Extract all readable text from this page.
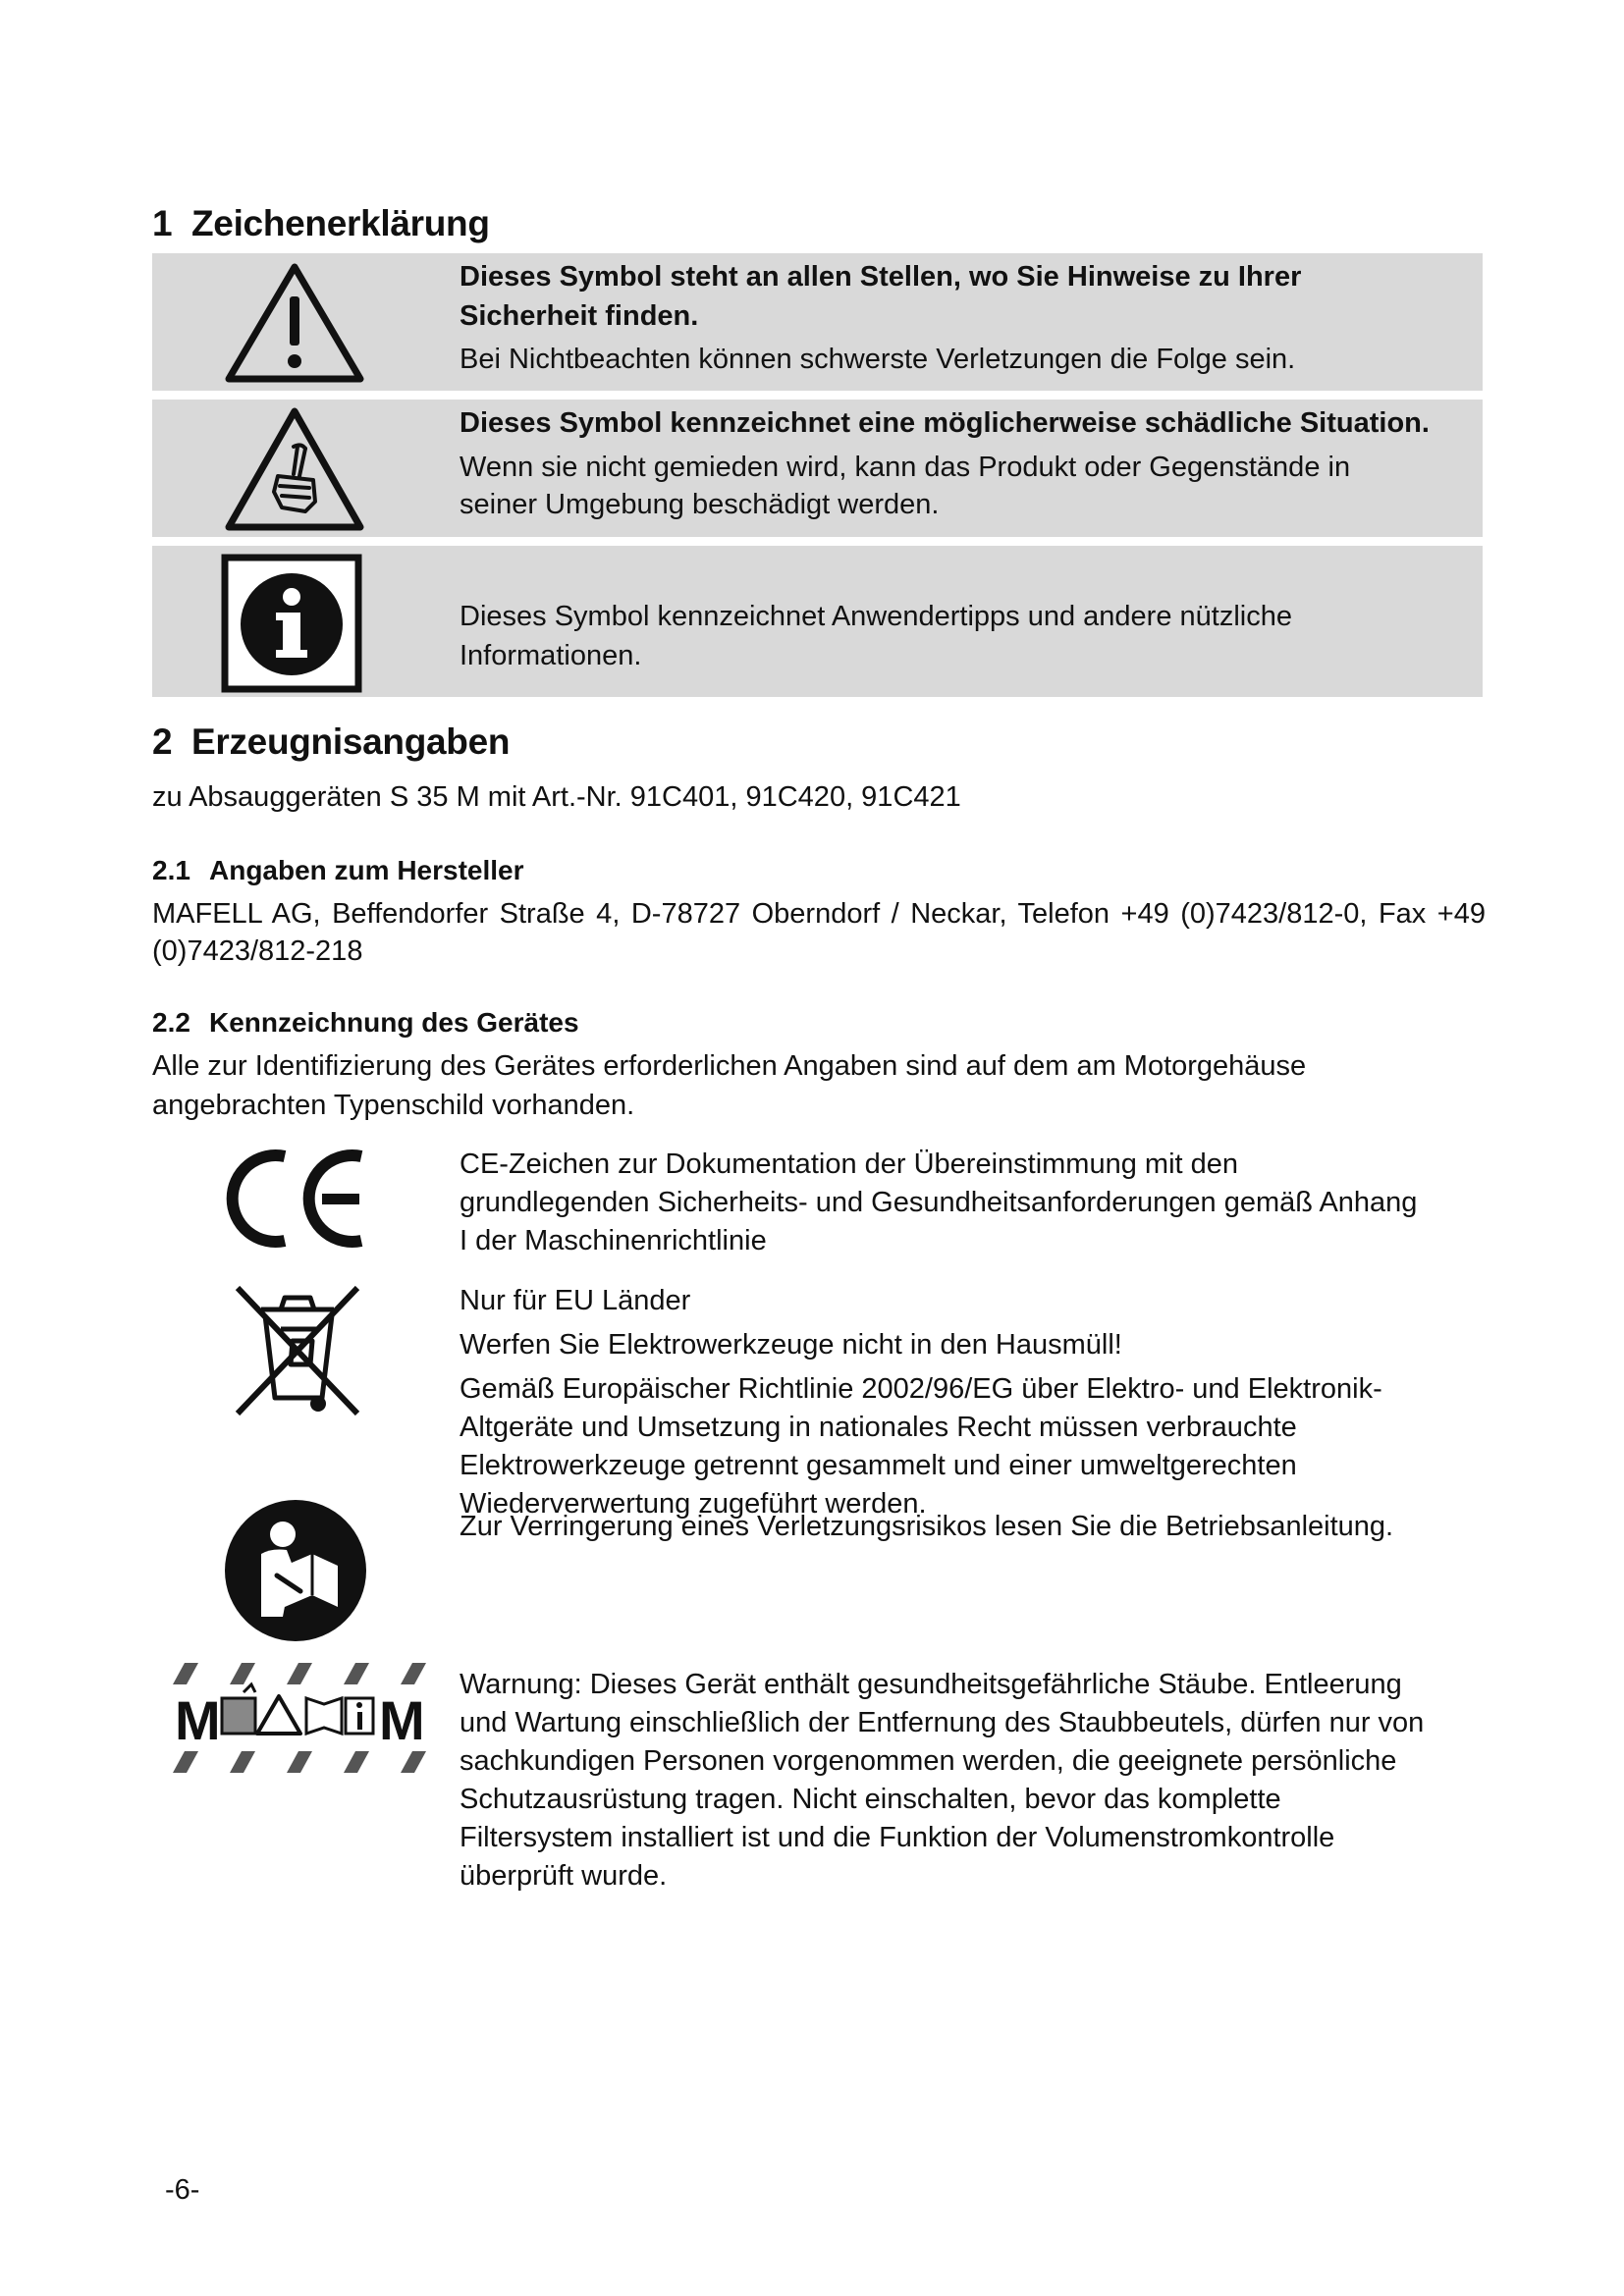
1 Zeichenerklärung
Dieses Symbol steht an allen Stellen, wo Sie Hinweise zu Ihrer Sicherheit finden.
Bei Nichtbeachten können schwerste Verletzungen die Folge sein.
Dieses Symbol kennzeichnet eine möglicherweise schädliche Situation.
Wenn sie nicht gemieden wird, kann das Produkt oder Gegenstände in seiner Umgebung beschädigt werden.
Dieses Symbol kennzeichnet Anwendertipps und andere nützliche Informationen.
2 Erzeugnisangaben
zu Absauggeräten S 35 M mit Art.-Nr. 91C401, 91C420, 91C421
2.1 Angaben zum Hersteller
MAFELL AG, Beffendorfer Straße 4, D-78727 Oberndorf / Neckar, Telefon +49 (0)7423/812-0, Fax +49 (0)7423/812-218
2.2 Kennzeichnung des Gerätes
Alle zur Identifizierung des Gerätes erforderlichen Angaben sind auf dem am Motorgehäuse angebrachten Typenschild vorhanden.

CE-Zeichen zur Dokumentation der Übereinstimmung mit den grundlegenden Sicherheits- und Gesundheitsanforderungen gemäß Anhang I der Maschinenrichtlinie

Nur für EU Länder

Werfen Sie Elektrowerkzeuge nicht in den Hausmüll!

Gemäß Europäischer Richtlinie 2002/96/EG über Elektro- und Elektronik- Altgeräte und Umsetzung in nationales Recht müssen verbrauchte Elektrowerkzeuge getrennt gesammelt und einer umweltgerechten Wiederverwertung zugeführt werden.

Zur Verringerung eines Verletzungsrisikos lesen Sie die Betriebsanleitung.

M	M

Warnung: Dieses Gerät enthält gesundheitsgefährliche Stäube. Entleerung und Wartung einschließlich der Entfernung des Staubbeutels, dürfen nur von sachkundigen Personen vorgenommen werden, die geeignete persönliche Schutzausrüstung tragen. Nicht einschalten, bevor das komplette Filtersystem installiert ist und die Funktion der Volumenstromkontrolle überprüft wurde.

-6-
